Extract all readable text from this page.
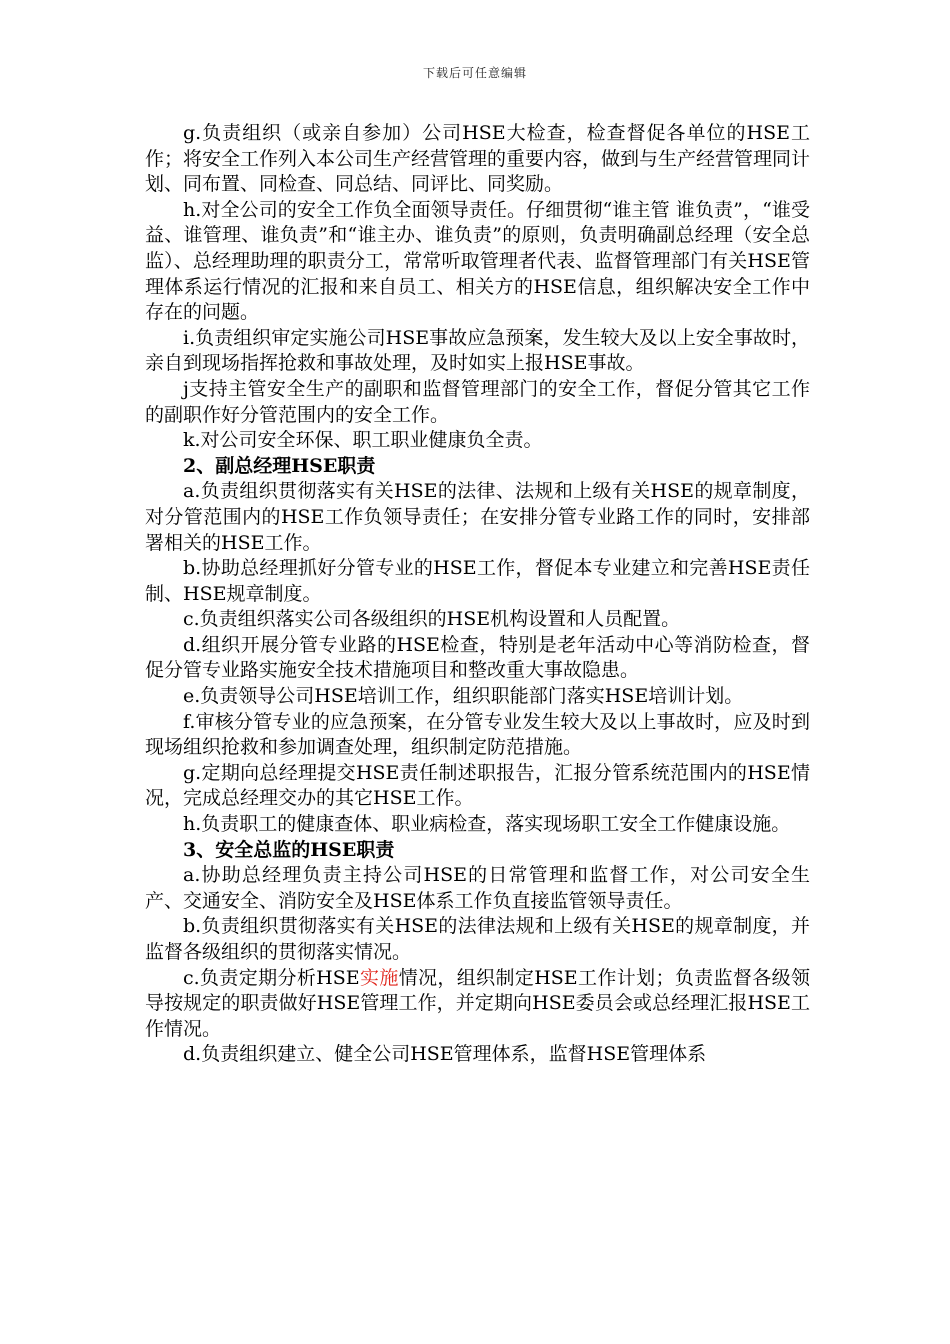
下载后可任意编辑

g.负责组织（或亲自参加）公司HSE大检查，检查督促各单位的HSE工作；将安全工作列入本公司生产经营管理的重要内容，做到与生产经营管理同计划、同布置、同检查、同总结、同评比、同奖励。

h.对全公司的安全工作负全面领导责任。仔细贯彻“谁主管 谁负责”，“谁受益、谁管理、谁负责”和“谁主办、谁负责”的原则，负责明确副总经理（安全总监）、总经理助理的职责分工，常常听取管理者代表、监督管理部门有关HSE管理体系运行情况的汇报和来自员工、相关方的HSE信息，组织解决安全工作中存在的问题。

i.负责组织审定实施公司HSE事故应急预案，发生较大及以上安全事故时，亲自到现场指挥抢救和事故处理，及时如实上报HSE事故。

j支持主管安全生产的副职和监督管理部门的安全工作，督促分管其它工作的副职作好分管范围内的安全工作。

k.对公司安全环保、职工职业健康负全责。

2、副总经理HSE职责

a.负责组织贯彻落实有关HSE的法律、法规和上级有关HSE的规章制度，对分管范围内的HSE工作负领导责任；在安排分管专业路工作的同时，安排部署相关的HSE工作。

b.协助总经理抓好分管专业的HSE工作，督促本专业建立和完善HSE责任制、HSE规章制度。

c.负责组织落实公司各级组织的HSE机构设置和人员配置。

d.组织开展分管专业路的HSE检查，特别是老年活动中心等消防检查，督促分管专业路实施安全技术措施项目和整改重大事故隐患。

e.负责领导公司HSE培训工作，组织职能部门落实HSE培训计划。

f.审核分管专业的应急预案，在分管专业发生较大及以上事故时，应及时到现场组织抢救和参加调查处理，组织制定防范措施。

g.定期向总经理提交HSE责任制述职报告，汇报分管系统范围内的HSE情况，完成总经理交办的其它HSE工作。

h.负责职工的健康查体、职业病检查，落实现场职工安全工作健康设施。

3、安全总监的HSE职责

a.协助总经理负责主持公司HSE的日常管理和监督工作，对公司安全生产、交通安全、消防安全及HSE体系工作负直接监管领导责任。

b.负责组织贯彻落实有关HSE的法律法规和上级有关HSE的规章制度，并监督各级组织的贯彻落实情况。

c.负责定期分析HSE实施情况，组织制定HSE工作计划；负责监督各级领导按规定的职责做好HSE管理工作，并定期向HSE委员会或总经理汇报HSE工作情况。

d.负责组织建立、健全公司HSE管理体系，监督HSE管理体系
